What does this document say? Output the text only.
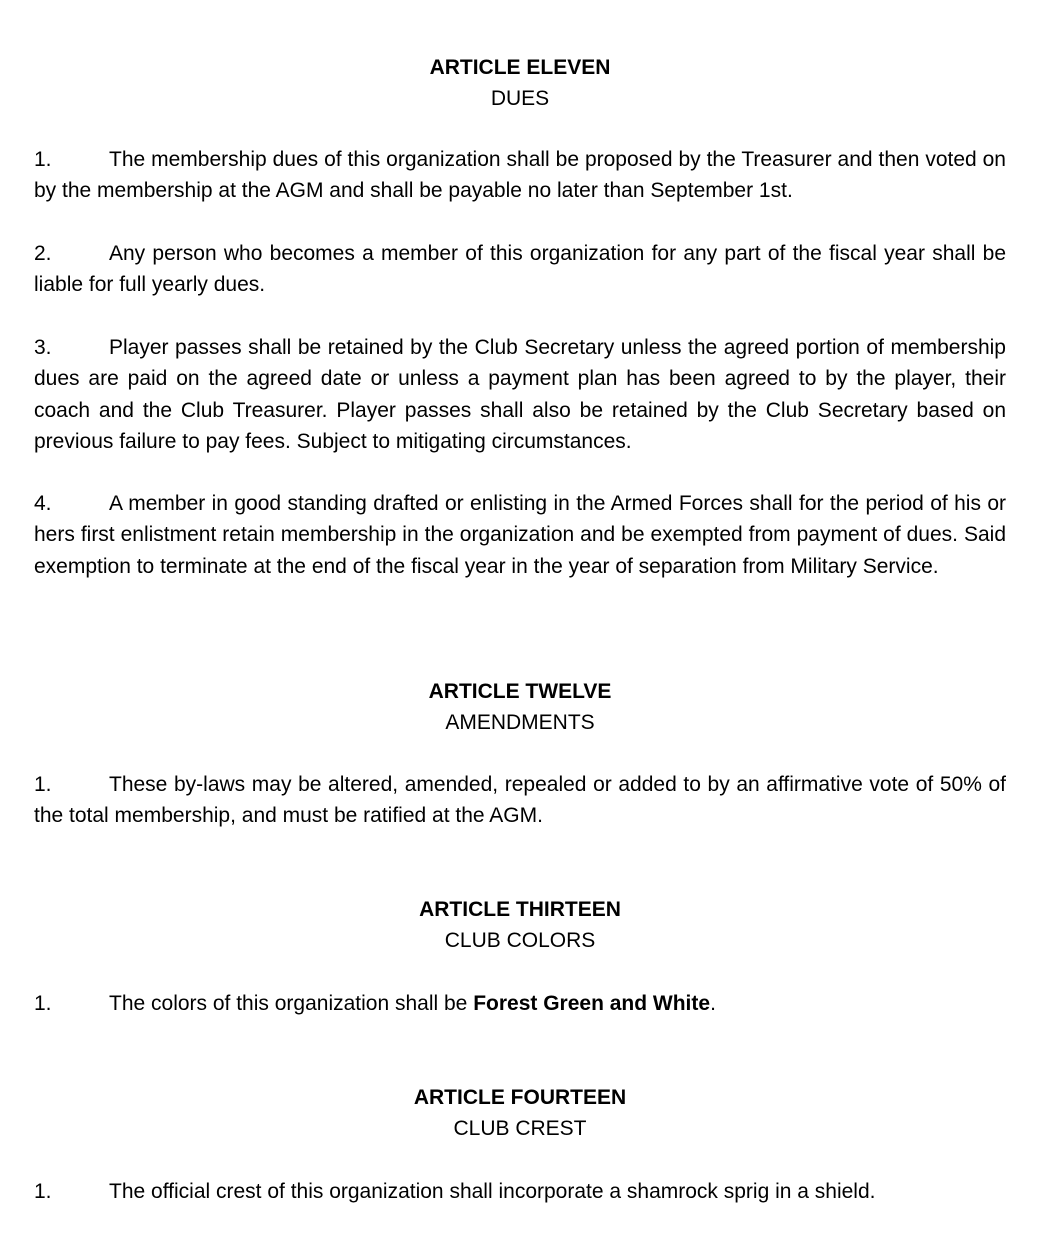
ARTICLE ELEVEN
DUES
1.	The membership dues of this organization shall be proposed by the Treasurer and then voted on by the membership at the AGM and shall be payable no later than September 1st.
2.	Any person who becomes a member of this organization for any part of the fiscal year shall be liable for full yearly dues.
3.	Player passes shall be retained by the Club Secretary unless the agreed portion of membership dues are paid on the agreed date or unless a payment plan has been agreed to by the player, their coach and the Club Treasurer. Player passes shall also be retained by the Club Secretary based on previous failure to pay fees. Subject to mitigating circumstances.
4.	A member in good standing drafted or enlisting in the Armed Forces shall for the period of his or hers first enlistment retain membership in the organization and be exempted from payment of dues. Said exemption to terminate at the end of the fiscal year in the year of separation from Military Service.
ARTICLE TWELVE
AMENDMENTS
1.	These by-laws may be altered, amended, repealed or added to by an affirmative vote of 50% of the total membership, and must be ratified at the AGM.
ARTICLE THIRTEEN
CLUB COLORS
1.	The colors of this organization shall be Forest Green and White.
ARTICLE FOURTEEN
CLUB CREST
1.	The official crest of this organization shall incorporate a shamrock sprig in a shield.
